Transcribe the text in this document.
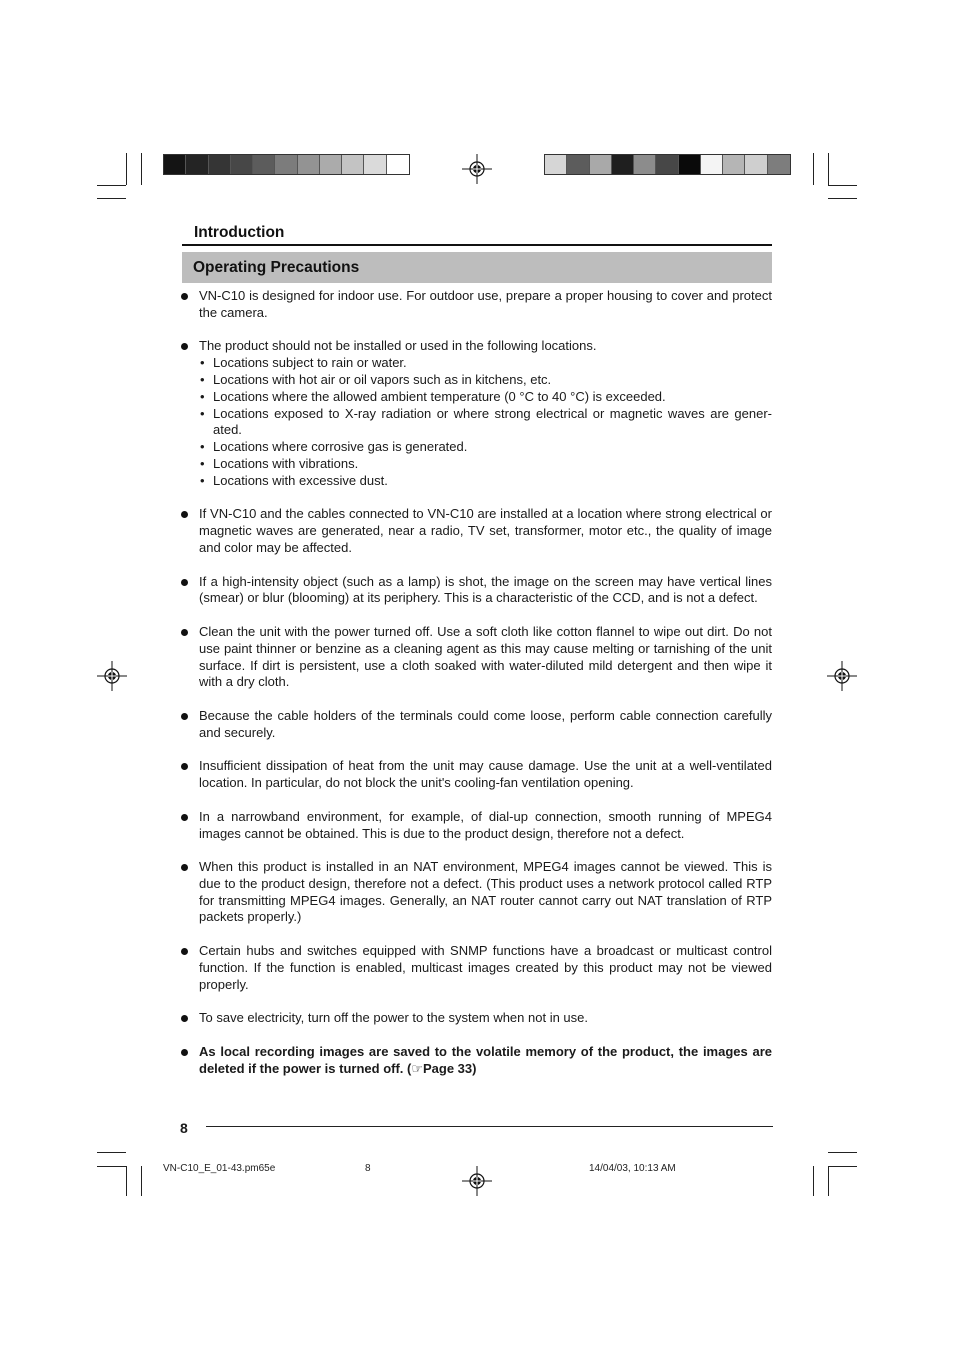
Introduction
Operating Precautions

VN-C10 is designed for indoor use. For outdoor use, prepare a proper housing to cover and protect the camera.

The product should not be installed or used in the following locations.

• Locations subject to rain or water.
• Locations with hot air or oil vapors such as in kitchens, etc.
• Locations where the allowed ambient temperature (0 °C to 40 °C) is exceeded.
• Locations exposed to X-ray radiation or where strong electrical or magnetic waves are gener-ated.
• Locations where corrosive gas is generated.
• Locations with vibrations.
• Locations with excessive dust.

If VN-C10 and the cables connected to VN-C10 are installed at a location where strong electrical or magnetic waves are generated, near a radio, TV set, transformer, motor etc., the quality of image and color may be affected.

If a high-intensity object (such as a lamp) is shot, the image on the screen may have vertical lines (smear) or blur (blooming) at its periphery. This is a characteristic of the CCD, and is not a defect.

Clean the unit with the power turned off. Use a soft cloth like cotton flannel to wipe out dirt. Do not use paint thinner or benzine as a cleaning agent as this may cause melting or tarnishing of the unit surface. If dirt is persistent, use a cloth soaked with water-diluted mild detergent and then wipe it with a dry cloth.

Because the cable holders of the terminals could come loose, perform cable connection carefully and securely.

Insufficient dissipation of heat from the unit may cause damage. Use the unit at a well-ventilated location. In particular, do not block the unit's cooling-fan ventilation opening.

In a narrowband environment, for example, of dial-up connection, smooth running of MPEG4 images cannot be obtained. This is due to the product design, therefore not a defect.

When this product is installed in an NAT environment, MPEG4 images cannot be viewed. This is due to the product design, therefore not a defect. (This product uses a network protocol called RTP for transmitting MPEG4 images. Generally, an NAT router cannot carry out NAT translation of RTP packets properly.)

Certain hubs and switches equipped with SNMP functions have a broadcast or multicast control function. If the function is enabled, multicast images created by this product may not be viewed properly.

To save electricity, turn off the power to the system when not in use.

As local recording images are saved to the volatile memory of the product, the images are deleted if the power is turned off. (☞Page 33)

8
VN-C10_E_01-43.pm65e	8	14/04/03, 10:13 AM
